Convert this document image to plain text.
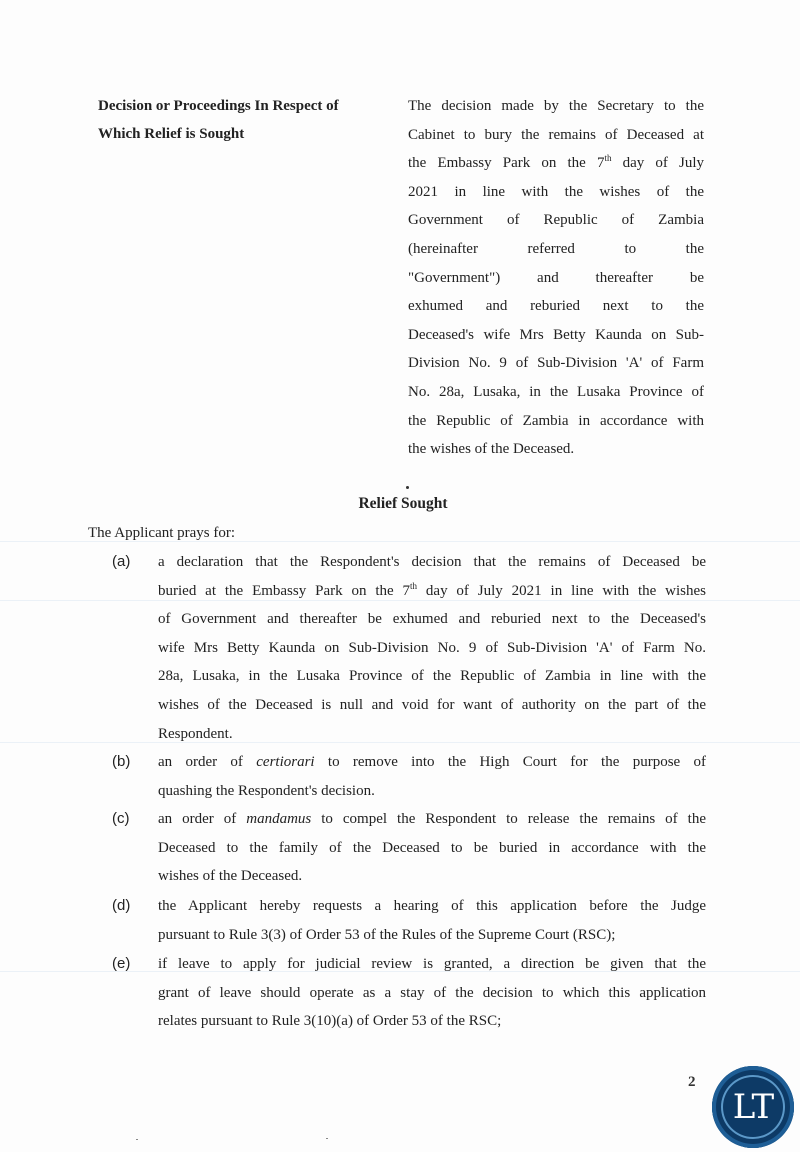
Decision or Proceedings In Respect of
Which Relief is Sought
The decision made by the Secretary to the
Cabinet to bury the remains of Deceased at
the Embassy Park on the 7th day of July
2021 in line with the wishes of the
Government of Republic of Zambia
(hereinafter referred to the
"Government") and thereafter be
exhumed and reburied next to the
Deceased's wife Mrs Betty Kaunda on Sub-
Division No. 9 of Sub-Division 'A' of Farm
No. 28a, Lusaka, in the Lusaka Province of
the Republic of Zambia in accordance with
the wishes of the Deceased.
Relief Sought
The Applicant prays for:
(a) a declaration that the Respondent's decision that the remains of Deceased be
buried at the Embassy Park on the 7th day of July 2021 in line with the wishes
of Government and thereafter be exhumed and reburied next to the Deceased's
wife Mrs Betty Kaunda on Sub-Division No. 9 of Sub-Division 'A' of Farm No.
28a, Lusaka, in the Lusaka Province of the Republic of Zambia in line with the
wishes of the Deceased is null and void for want of authority on the part of the
Respondent.
(b) an order of certiorari to remove into the High Court for the purpose of
quashing the Respondent's decision.
(c) an order of mandamus to compel the Respondent to release the remains of the
Deceased to the family of the Deceased to be buried in accordance with the
wishes of the Deceased.
(d) the Applicant hereby requests a hearing of this application before the Judge
pursuant to Rule 3(3) of Order 53 of the Rules of the Supreme Court (RSC);
(e) if leave to apply for judicial review is granted, a direction be given that the
grant of leave should operate as a stay of the decision to which this application
relates pursuant to Rule 3(10)(a) of Order 53 of the RSC;
2
LT
